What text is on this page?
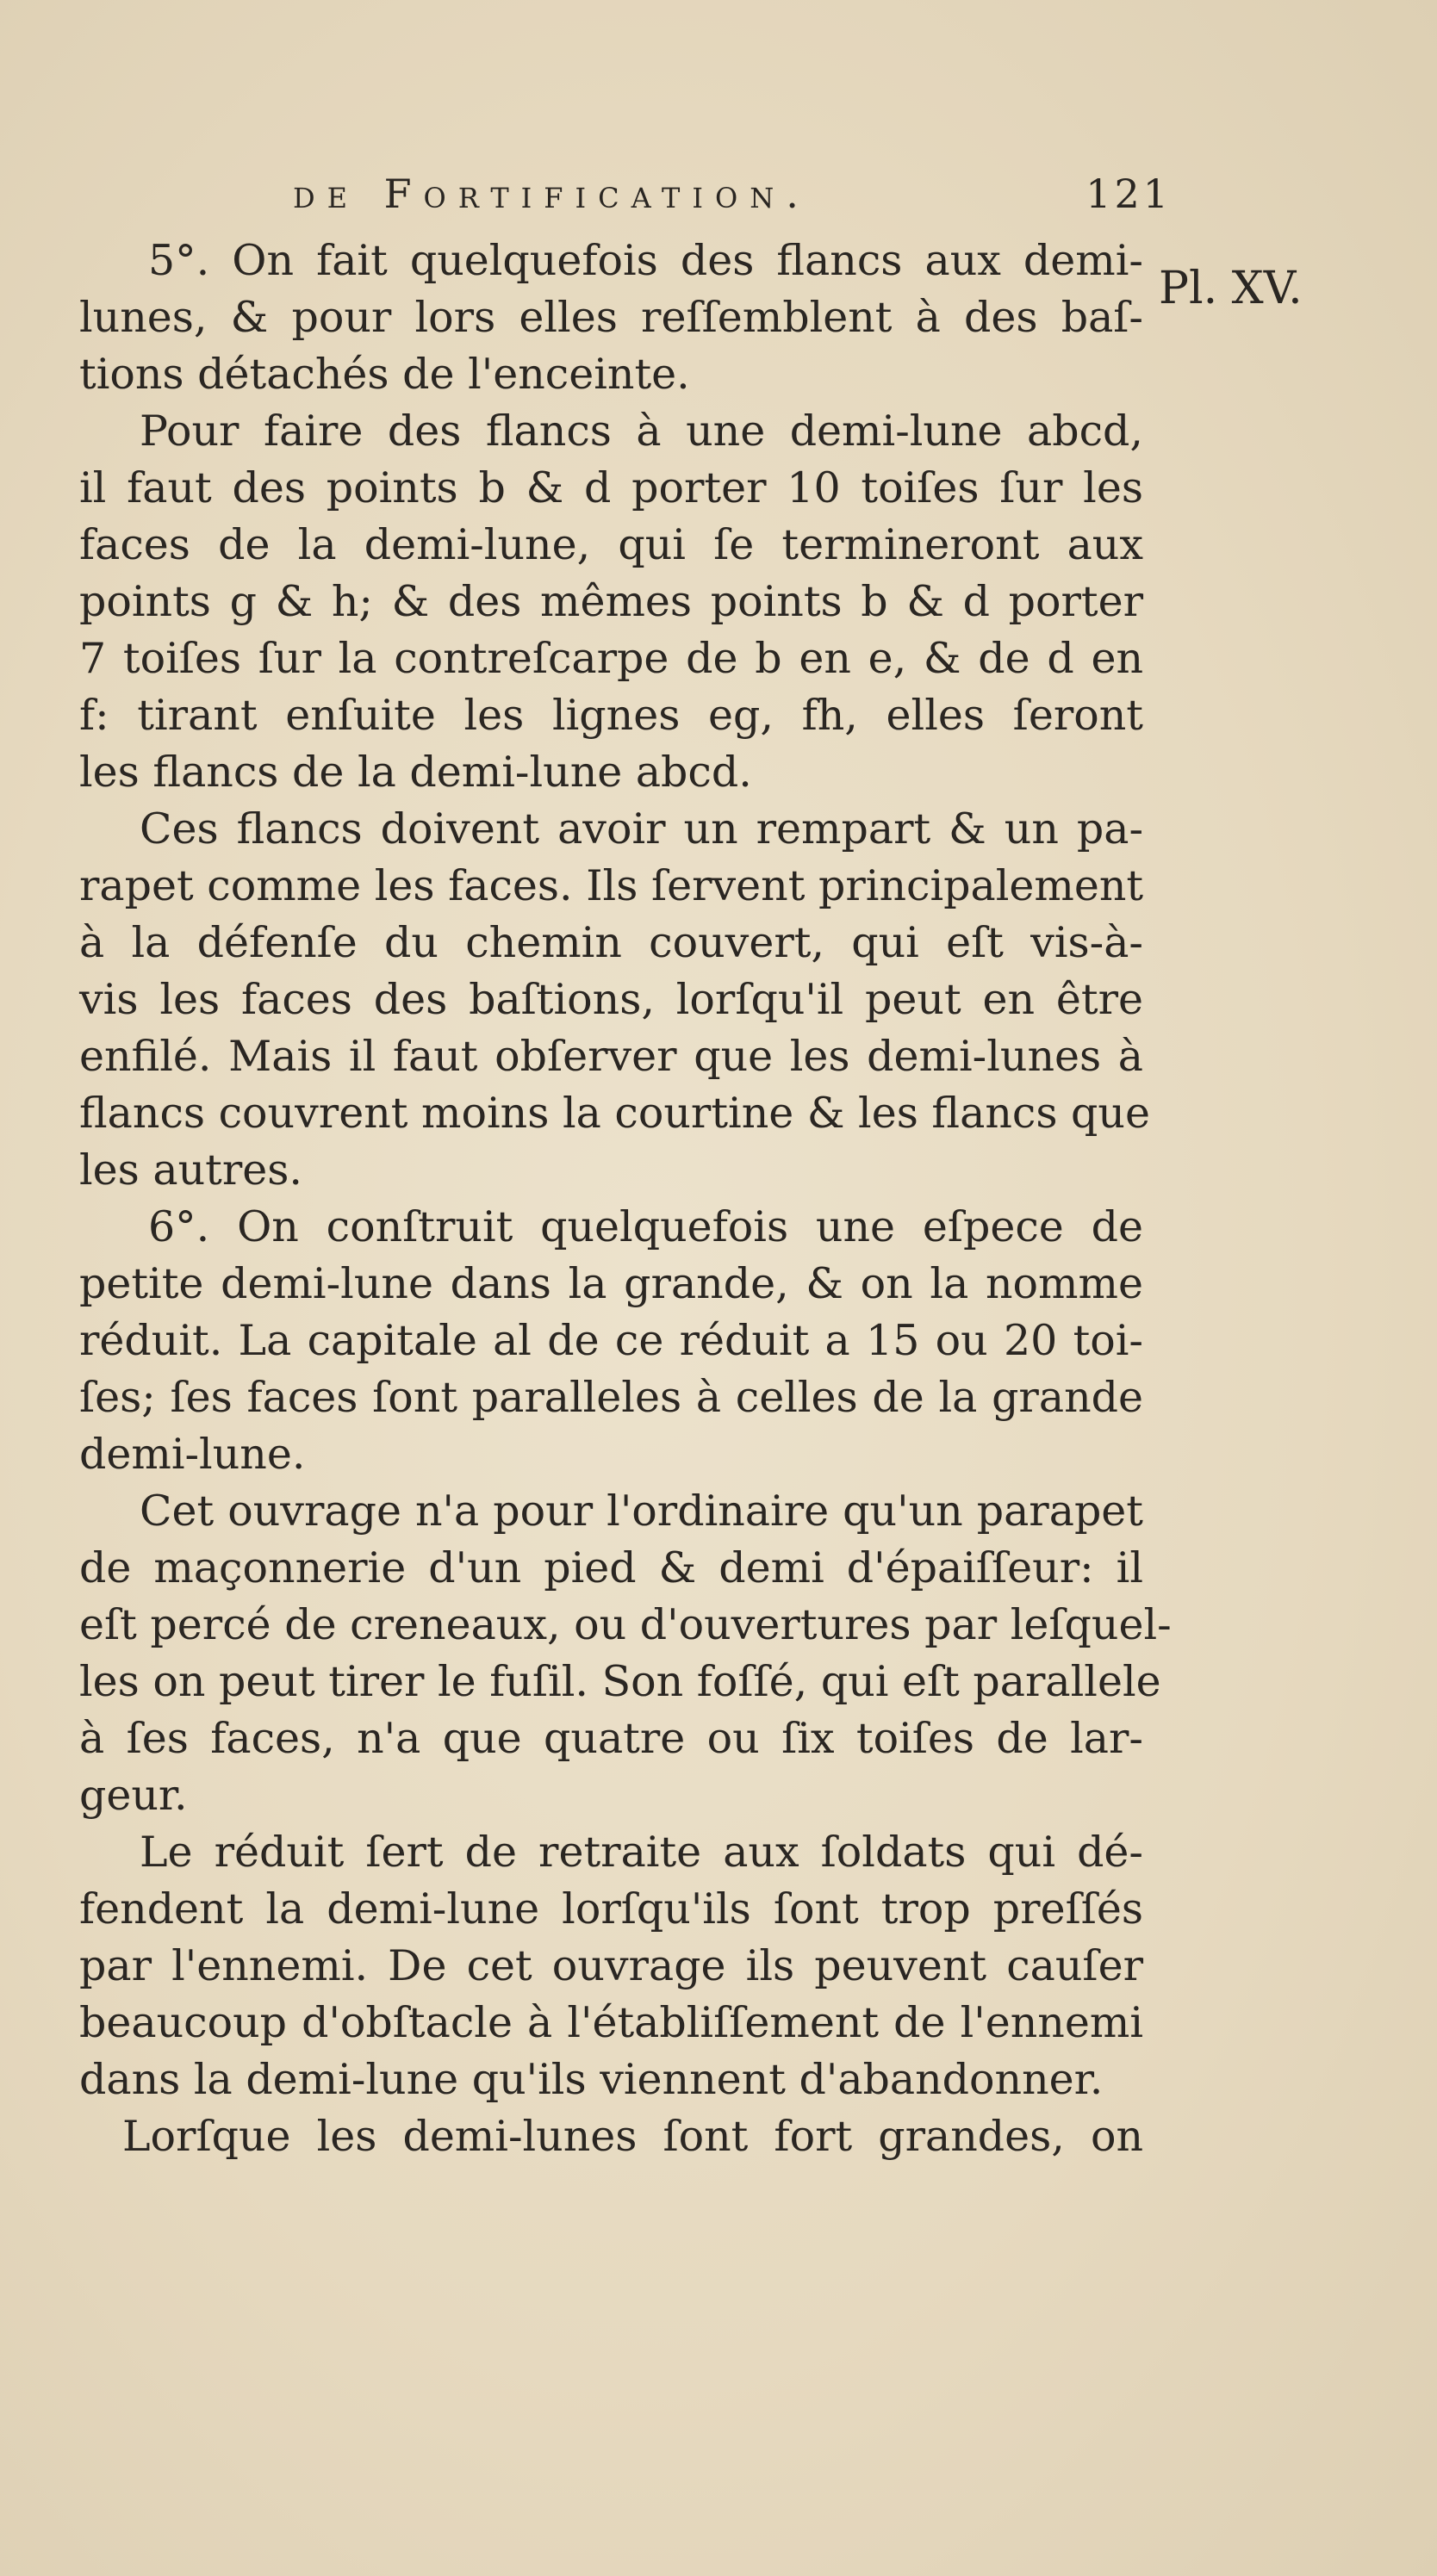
de Fortification.	121
Pl. XV.
5°. On fait quelquefois des flancs aux demi-
lunes, & pour lors elles reſſemblent à des baſ-
tions détachés de l'enceinte.
Pour faire des flancs à une demi-lune abcd,
il faut des points b & d porter 10 toiſes ſur les
faces de la demi-lune, qui ſe termineront aux
points g & h; & des mêmes points b & d porter
7 toiſes ſur la contreſcarpe de b en e, & de d en
f: tirant enſuite les lignes eg, fh, elles ſeront
les flancs de la demi-lune abcd.
Ces flancs doivent avoir un rempart & un pa-
rapet comme les faces. Ils ſervent principalement
à la défenſe du chemin couvert, qui eſt vis-à-
vis les faces des baſtions, lorſqu'il peut en être
enfilé. Mais il faut obſerver que les demi-lunes à
flancs couvrent moins la courtine & les flancs que
les autres.
6°. On conſtruit quelquefois une eſpece de
petite demi-lune dans la grande, & on la nomme
réduit. La capitale al de ce réduit a 15 ou 20 toi-
ſes; ſes faces ſont paralleles à celles de la grande
demi-lune.
Cet ouvrage n'a pour l'ordinaire qu'un parapet
de maçonnerie d'un pied & demi d'épaiſſeur: il
eſt percé de creneaux, ou d'ouvertures par leſquel-
les on peut tirer le fuſil. Son foſſé, qui eſt parallele
à ſes faces, n'a que quatre ou ſix toiſes de lar-
geur.
Le réduit ſert de retraite aux ſoldats qui dé-
fendent la demi-lune lorſqu'ils ſont trop preſſés
par l'ennemi. De cet ouvrage ils peuvent cauſer
beaucoup d'obſtacle à l'établiſſement de l'ennemi
dans la demi-lune qu'ils viennent d'abandonner.
Lorſque les demi-lunes ſont fort grandes, on
